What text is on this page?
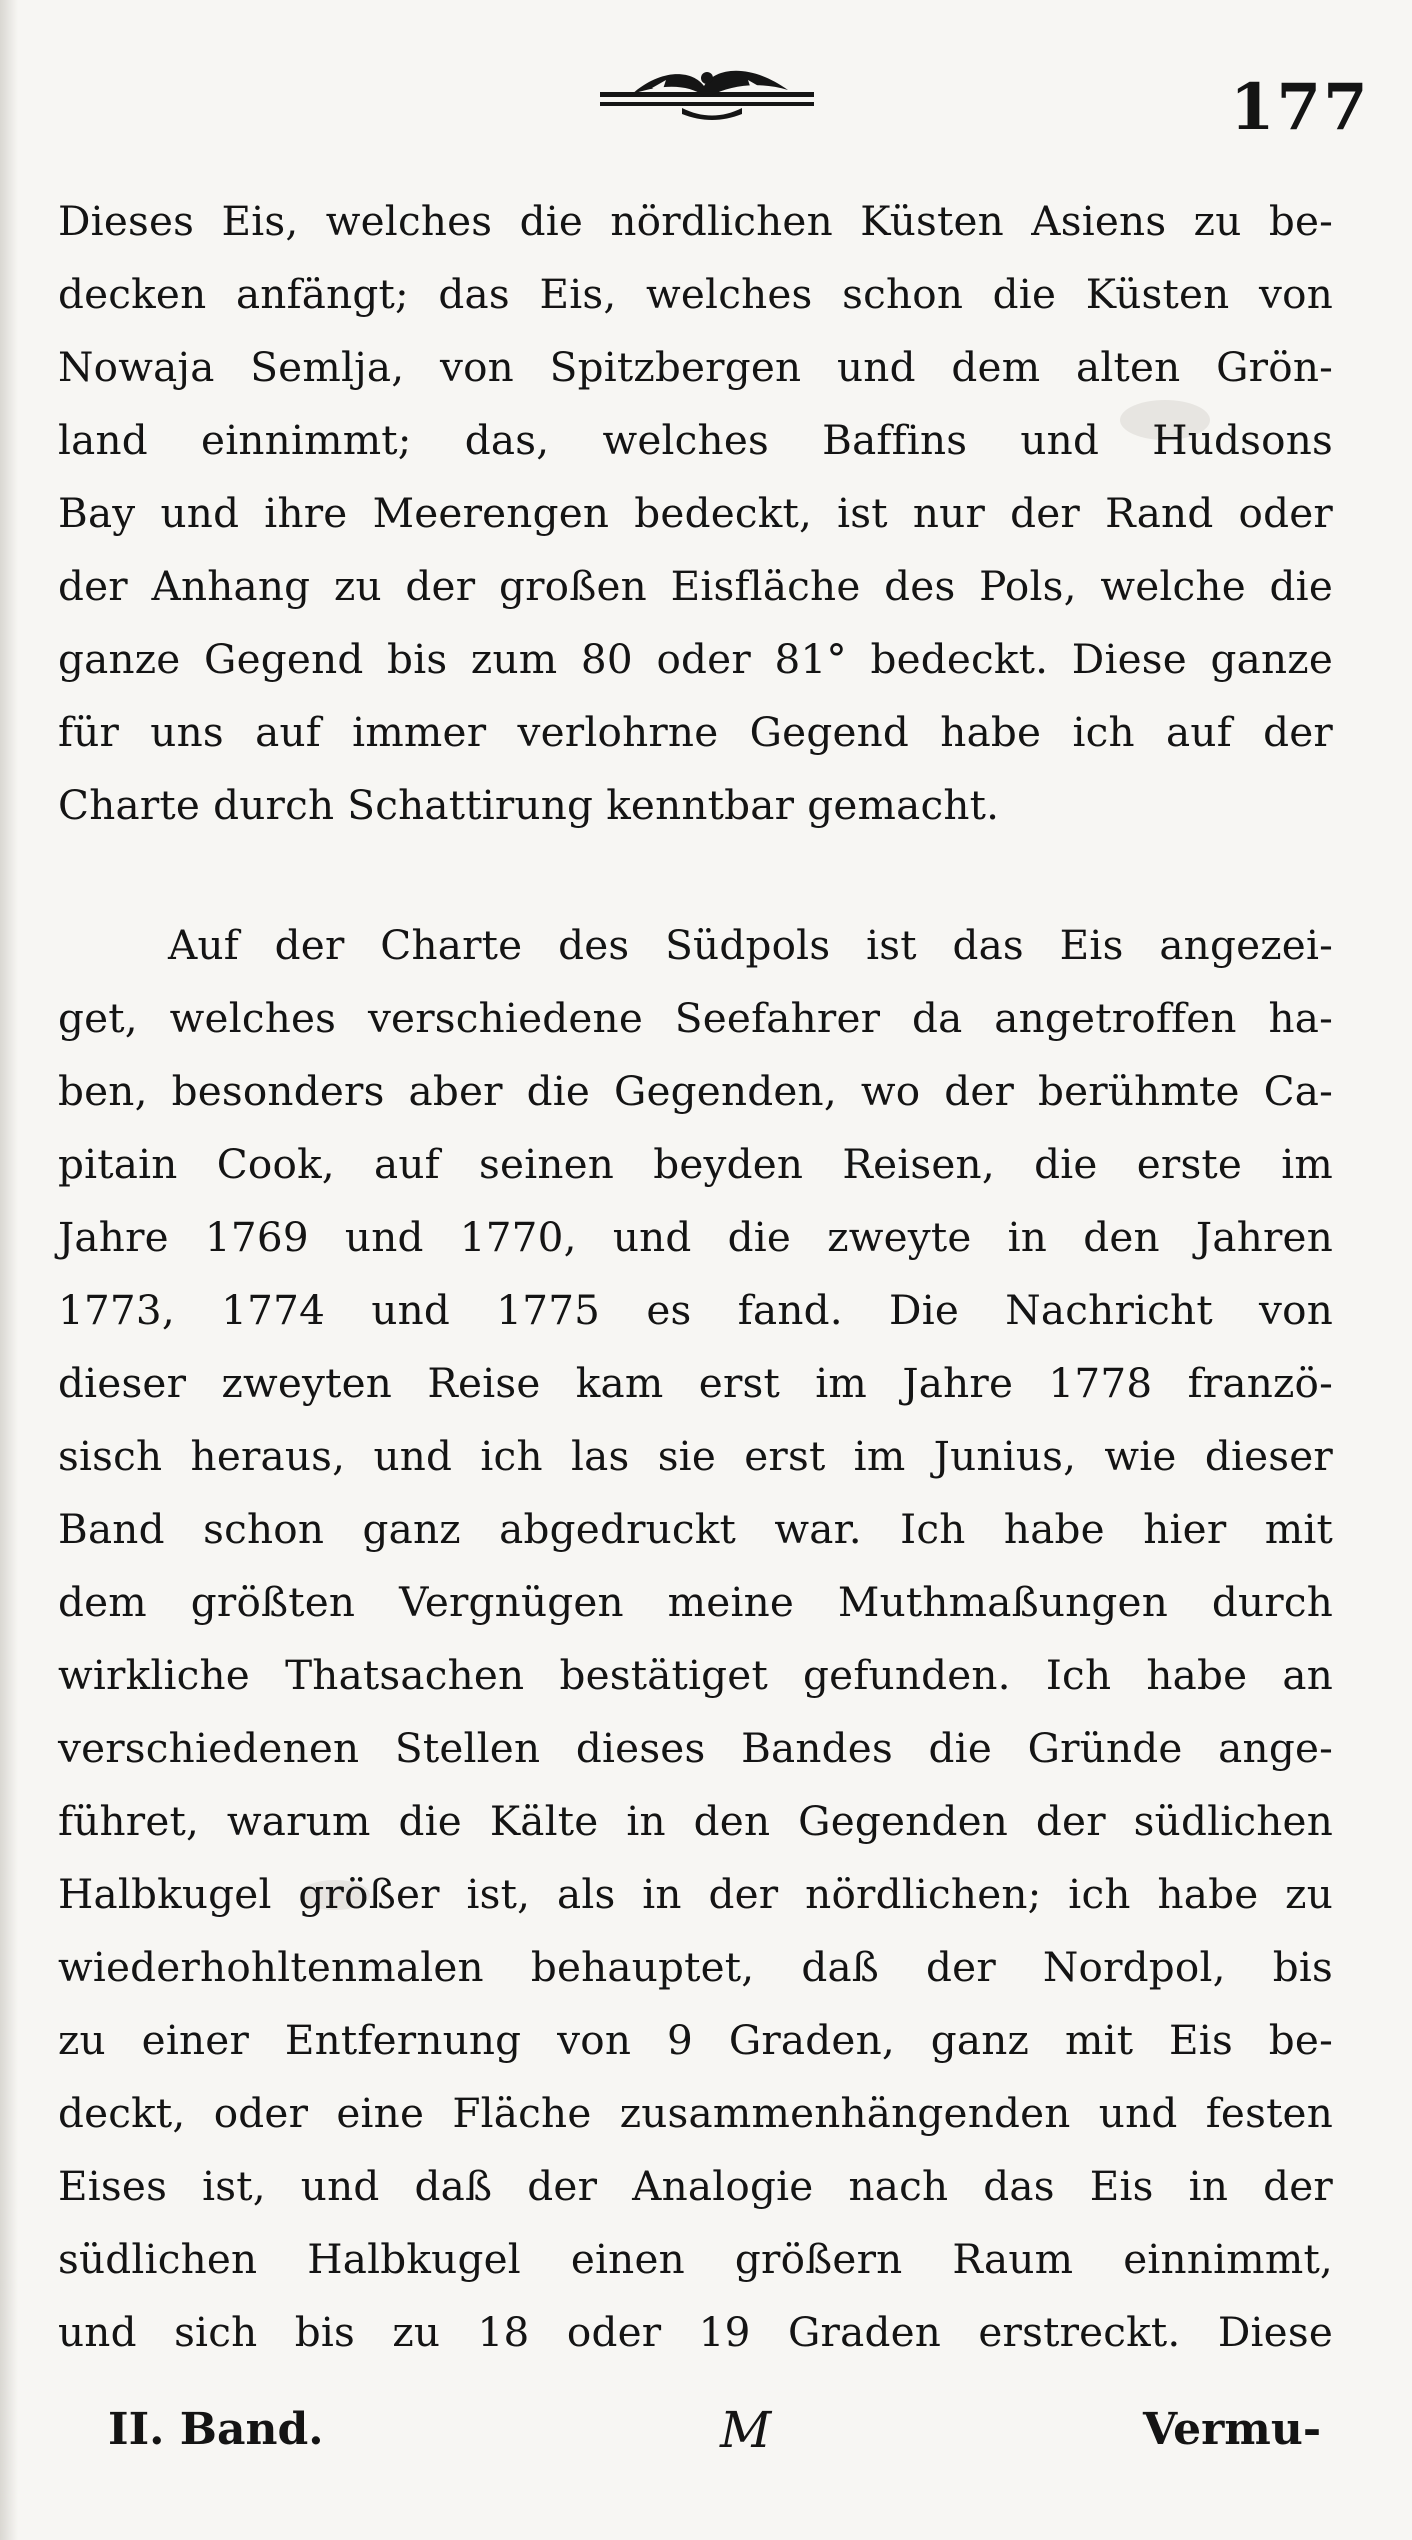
177
Dieses Eis, welches die nördlichen Küsten Asiens zu be-
decken anfängt; das Eis, welches schon die Küsten von
Nowaja Semlja, von Spitzbergen und dem alten Grön-
land einnimmt; das, welches Baffins und Hudsons
Bay und ihre Meerengen bedeckt, ist nur der Rand oder
der Anhang zu der großen Eisfläche des Pols, welche die
ganze Gegend bis zum 80 oder 81° bedeckt. Diese ganze
für uns auf immer verlohrne Gegend habe ich auf der
Charte durch Schattirung kenntbar gemacht.
Auf der Charte des Südpols ist das Eis angezei-
get, welches verschiedene Seefahrer da angetroffen ha-
ben, besonders aber die Gegenden, wo der berühmte Ca-
pitain Cook, auf seinen beyden Reisen, die erste im
Jahre 1769 und 1770, und die zweyte in den Jahren
1773, 1774 und 1775 es fand. Die Nachricht von
dieser zweyten Reise kam erst im Jahre 1778 franzö-
sisch heraus, und ich las sie erst im Junius, wie dieser
Band schon ganz abgedruckt war. Ich habe hier mit
dem größten Vergnügen meine Muthmaßungen durch
wirkliche Thatsachen bestätiget gefunden. Ich habe an
verschiedenen Stellen dieses Bandes die Gründe ange-
führet, warum die Kälte in den Gegenden der südlichen
Halbkugel größer ist, als in der nördlichen; ich habe zu
wiederhohltenmalen behauptet, daß der Nordpol, bis
zu einer Entfernung von 9 Graden, ganz mit Eis be-
deckt, oder eine Fläche zusammenhängenden und festen
Eises ist, und daß der Analogie nach das Eis in der
südlichen Halbkugel einen größern Raum einnimmt,
und sich bis zu 18 oder 19 Graden erstreckt. Diese
II. Band.	M	Vermu-
